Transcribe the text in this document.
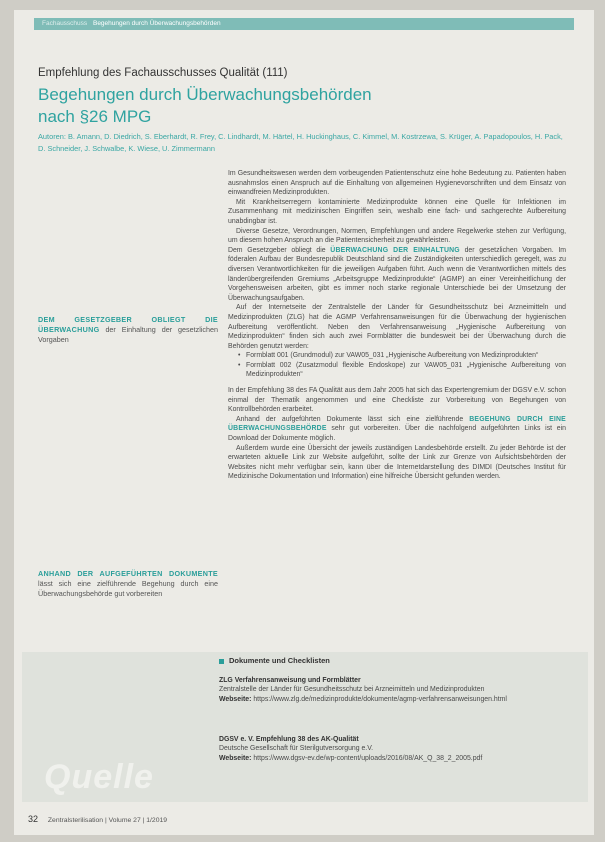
Fachausschuss Begehungen durch Überwachungsbehörden
Empfehlung des Fachausschusses Qualität (111)
Begehungen durch Überwachungsbehörden
nach §26 MPG
Autoren: B. Amann, D. Diedrich, S. Eberhardt, R. Frey, C. Lindhardt, M. Härtel, H. Huckinghaus, C. Kimmel, M. Kostrzewa, S. Krüger, A. Papadopoulos, H. Pack, D. Schneider, J. Schwalbe, K. Wiese, U. Zimmermann
DEM GESETZGEBER OBLIEGT DIE ÜBERWACHUNG der Einhaltung der gesetzlichen Vorgaben
ANHAND DER AUFGEFÜHRTEN DOKUMENTE lässt sich eine zielführende Begehung durch eine Überwachungsbehörde gut vorbereiten

Im Gesundheitswesen werden dem vorbeugenden Patientenschutz eine hohe Bedeutung zu. Patienten haben ausnahmslos einen Anspruch auf die Einhaltung von allgemeinen Hygienevorschriften und dem Einsatz von einwandfreien Medizinprodukten.

Mit Krankheitserregern kontaminierte Medizinprodukte können eine Quelle für Infektionen im Zusammenhang mit medizinischen Eingriffen sein, weshalb eine fach- und sachgerechte Aufbereitung unabdingbar ist.

Diverse Gesetze, Verordnungen, Normen, Empfehlungen und andere Regelwerke stehen zur Verfügung, um diesem hohen Anspruch an die Patientensicherheit zu gewährleisten.

Dem Gesetzgeber obliegt die ÜBERWACHUNG DER EINHALTUNG der gesetzlichen Vorgaben. Im föderalen Aufbau der Bundesrepublik Deutschland sind die Zuständigkeiten unterschiedlich geregelt, was zu diversen Verantwortlichkeiten für die jeweiligen Aufgaben führt. Auch wenn die Verantwortlichen mittels des länderübergreifenden Gremiums „Arbeitsgruppe Medizinprodukte“ (AGMP) an einer Vereinheitlichung der Vorgehensweisen arbeiten, gibt es immer noch starke regionale Unterschiede bei der Umsetzung der Überwachungsaufgaben.

Auf der Internetseite der Zentralstelle der Länder für Gesundheitsschutz bei Arzneimitteln und Medizinprodukten (ZLG) hat die AGMP Verfahrensanweisungen für die Überwachung der hygienischen Aufbereitung veröffentlicht. Neben den Verfahrensanweisung „Hygienische Aufbereitung von Medizinprodukten“ finden sich auch zwei Formblätter die bundesweit bei der Überwachung durch die Behörden genutzt werden:

• Formblatt 001 (Grundmodul) zur VAW05_031 „Hygienische Aufbereitung von Medizinprodukten“
• Formblatt 002 (Zusatzmodul flexible Endoskope) zur VAW05_031 „Hygienische Aufbereitung von Medizinprodukten“

In der Empfehlung 38 des FA Qualität aus dem Jahr 2005 hat sich das Expertengremium der DGSV e.V. schon einmal der Thematik angenommen und eine Checkliste zur Vorbereitung von Begehungen von Kontrollbehörden erarbeitet.

Anhand der aufgeführten Dokumente lässt sich eine zielführende BEGEHUNG DURCH EINE ÜBERWACHUNGSBEHÖRDE sehr gut vorbereiten. Über die nachfolgend aufgeführten Links ist ein Download der Dokumente möglich.

Außerdem wurde eine Übersicht der jeweils zuständigen Landesbehörde erstellt. Zu jeder Behörde ist der erwarteten aktuelle Link zur Website aufgeführt, sollte der Link zur Grenze von Aufsichtsbehörden der Websites nicht mehr verfügbar sein, kann über die Internetdarstellung des DIMDI (Deutsches Institut für Medizinische Dokumentation und Information) eine hilfreiche Übersicht gefunden werden.

Dokumente und Checklisten
ZLG Verfahrensanweisung und Formblätter
Zentralstelle der Länder für Gesundheitsschutz bei Arzneimitteln und Medizinprodukten
Webseite: https://www.zlg.de/medizinprodukte/dokumente/agmp-verfahrensanweisungen.html
DGSV e. V. Empfehlung 38 des AK-Qualität
Deutsche Gesellschaft für Sterilgutversorgung e.V.
Webseite: https://www.dgsv-ev.de/wp-content/uploads/2016/08/AK_Q_38_2_2005.pdf
Quelle
32 Zentralsterilisation | Volume 27 | 1/2019
